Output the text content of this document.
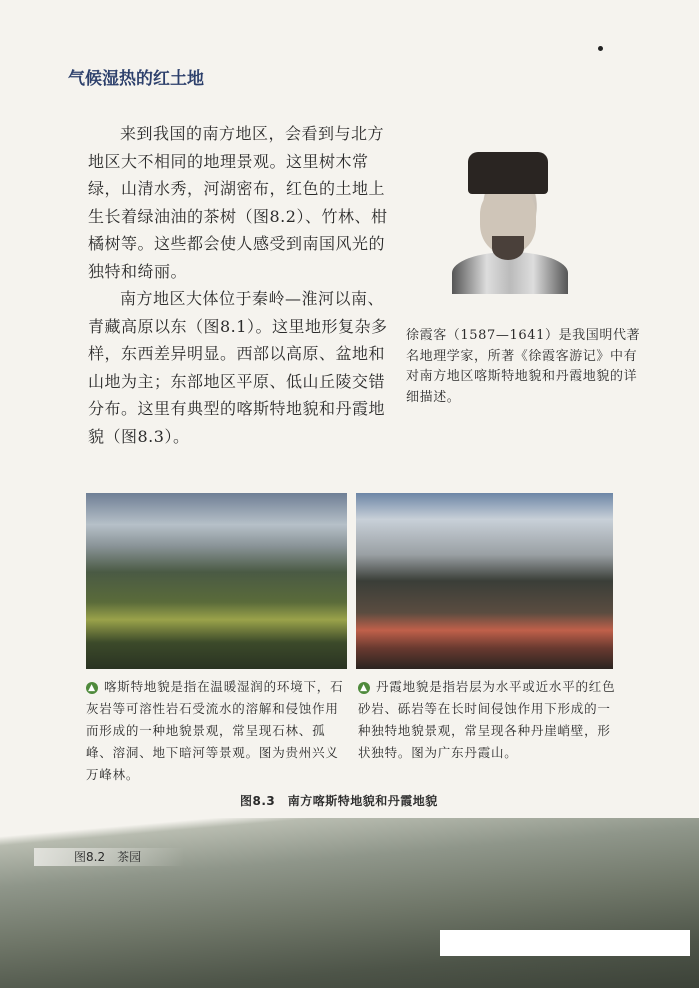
气候湿热的红土地

来到我国的南方地区，会看到与北方地区大不相同的地理景观。这里树木常绿，山清水秀，河湖密布，红色的土地上生长着绿油油的茶树（图8.2）、竹林、柑橘树等。这些都会使人感受到南国风光的独特和绮丽。

南方地区大体位于秦岭—淮河以南、青藏高原以东（图8.1）。这里地形复杂多样，东西差异明显。西部以高原、盆地和山地为主；东部地区平原、低山丘陵交错分布。这里有典型的喀斯特地貌和丹霞地貌（图8.3）。

徐霞客（1587—1641）是我国明代著名地理学家，所著《徐霞客游记》中有对南方地区喀斯特地貌和丹霞地貌的详细描述。
▲ 喀斯特地貌是指在温暖湿润的环境下，石灰岩等可溶性岩石受流水的溶解和侵蚀作用而形成的一种地貌景观，常呈现石林、孤峰、溶洞、地下暗河等景观。图为贵州兴义万峰林。
▲ 丹霞地貌是指岩层为水平或近水平的红色砂岩、砾岩等在长时间侵蚀作用下形成的一种独特地貌景观，常呈现各种丹崖峭壁，形状独特。图为广东丹霞山。
图8.3　南方喀斯特地貌和丹霞地貌
图8.2　茶园
